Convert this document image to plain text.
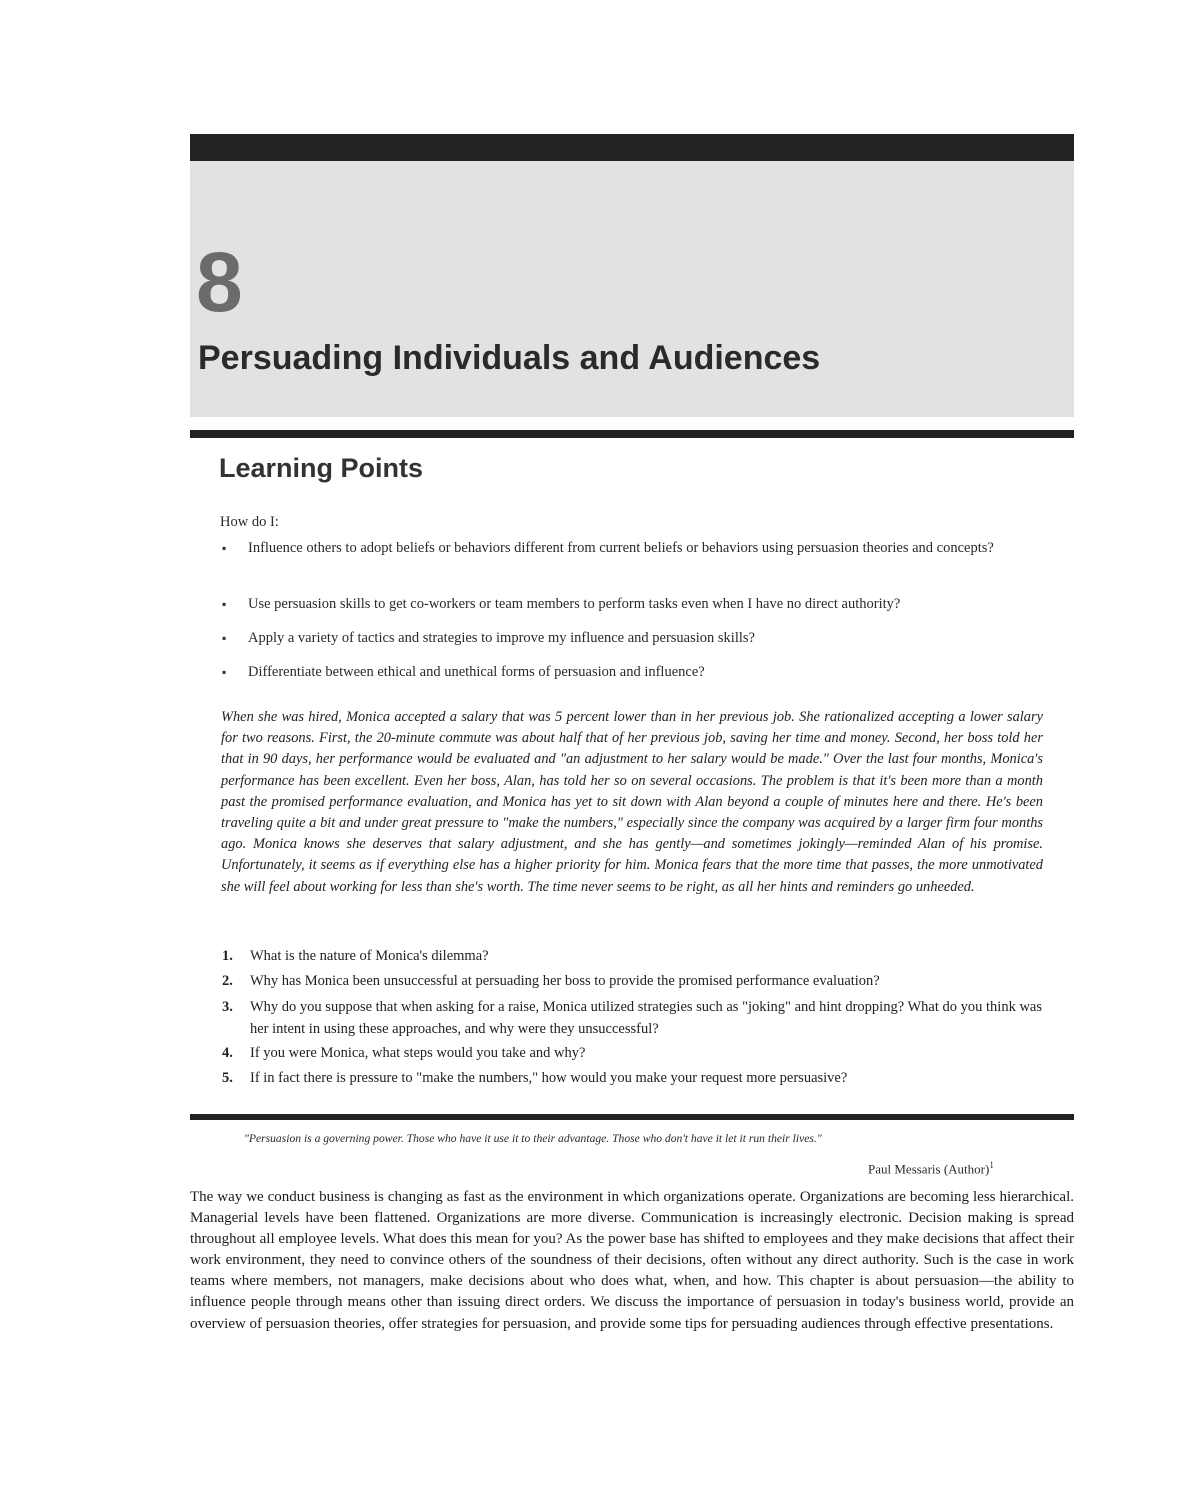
8
Persuading Individuals and Audiences
Learning Points
How do I:
▪ Influence others to adopt beliefs or behaviors different from current beliefs or behaviors using persuasion theories and concepts?
▪ Use persuasion skills to get co-workers or team members to perform tasks even when I have no direct authority?
▪ Apply a variety of tactics and strategies to improve my influence and persuasion skills?
▪ Differentiate between ethical and unethical forms of persuasion and influence?
When she was hired, Monica accepted a salary that was 5 percent lower than in her previous job. She rationalized accepting a lower salary for two reasons. First, the 20-minute commute was about half that of her previous job, saving her time and money. Second, her boss told her that in 90 days, her performance would be evaluated and "an adjustment to her salary would be made." Over the last four months, Monica's performance has been excellent. Even her boss, Alan, has told her so on several occasions. The problem is that it's been more than a month past the promised performance evaluation, and Monica has yet to sit down with Alan beyond a couple of minutes here and there. He's been traveling quite a bit and under great pressure to "make the numbers," especially since the company was acquired by a larger firm four months ago. Monica knows she deserves that salary adjustment, and she has gently—and sometimes jokingly—reminded Alan of his promise. Unfortunately, it seems as if everything else has a higher priority for him. Monica fears that the more time that passes, the more unmotivated she will feel about working for less than she's worth. The time never seems to be right, as all her hints and reminders go unheeded.
1. What is the nature of Monica's dilemma?
2. Why has Monica been unsuccessful at persuading her boss to provide the promised performance evaluation?
3. Why do you suppose that when asking for a raise, Monica utilized strategies such as "joking" and hint dropping? What do you think was her intent in using these approaches, and why were they unsuccessful?
4. If you were Monica, what steps would you take and why?
5. If in fact there is pressure to "make the numbers," how would you make your request more persuasive?
"Persuasion is a governing power. Those who have it use it to their advantage. Those who don't have it let it run their lives."
Paul Messaris (Author)$^1$
The way we conduct business is changing as fast as the environment in which organizations operate. Organizations are becoming less hierarchical. Managerial levels have been flattened. Organizations are more diverse. Communication is increasingly electronic. Decision making is spread throughout all employee levels. What does this mean for you? As the power base has shifted to employees and they make decisions that affect their work environment, they need to convince others of the soundness of their decisions, often without any direct authority. Such is the case in work teams where members, not managers, make decisions about who does what, when, and how. This chapter is about persuasion—the ability to influence people through means other than issuing direct orders. We discuss the importance of persuasion in today's business world, provide an overview of persuasion theories, offer strategies for persuasion, and provide some tips for persuading audiences through effective presentations.
